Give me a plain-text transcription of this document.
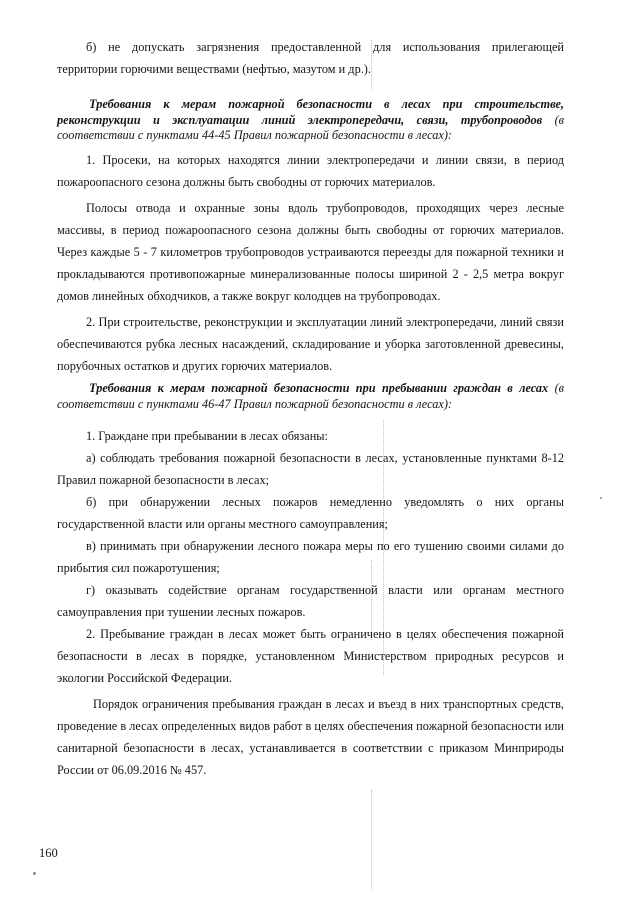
б) не допускать загрязнения предоставленной для использования прилегающей территории горючими веществами (нефтью, мазутом и др.).

Требования к мерам пожарной безопасности в лесах при строительстве, реконструкции и эксплуатации линий электропередачи, связи, трубопроводов (в соответствии с пунктами 44-45 Правил пожарной безопасности в лесах):

1. Просеки, на которых находятся линии электропередачи и линии связи, в период пожароопасного сезона должны быть свободны от горючих материалов.

Полосы отвода и охранные зоны вдоль трубопроводов, проходящих через лесные массивы, в период пожароопасного сезона должны быть свободны от горючих материалов. Через каждые 5 - 7 километров трубопроводов устраиваются переезды для пожарной техники и прокладываются противопожарные минерализованные полосы шириной 2 - 2,5 метра вокруг домов линейных обходчиков, а также вокруг колодцев на трубопроводах.

2. При строительстве, реконструкции и эксплуатации линий электропередачи, линий связи обеспечиваются рубка лесных насаждений, складирование и уборка заготовленной древесины, порубочных остатков и других горючих материалов.

Требования к мерам пожарной безопасности при пребывании граждан в лесах (в соответствии с пунктами 46-47 Правил пожарной безопасности в лесах):

1. Граждане при пребывании в лесах обязаны:

а) соблюдать требования пожарной безопасности в лесах, установленные пунктами 8-12 Правил пожарной безопасности в лесах;

б) при обнаружении лесных пожаров немедленно уведомлять о них органы государственной власти или органы местного самоуправления;

в) принимать при обнаружении лесного пожара меры по его тушению своими силами до прибытия сил пожаротушения;

г) оказывать содействие органам государственной власти или органам местного самоуправления при тушении лесных пожаров.

2. Пребывание граждан в лесах может быть ограничено в целях обеспечения пожарной безопасности в лесах в порядке, установленном Министерством природных ресурсов и экологии Российской Федерации.

Порядок ограничения пребывания граждан в лесах и въезд в них транспортных средств, проведение в лесах определенных видов работ в целях обеспечения пожарной безопасности или санитарной безопасности в лесах, устанавливается в соответствии с приказом Минприроды России от 06.09.2016 № 457.

160
